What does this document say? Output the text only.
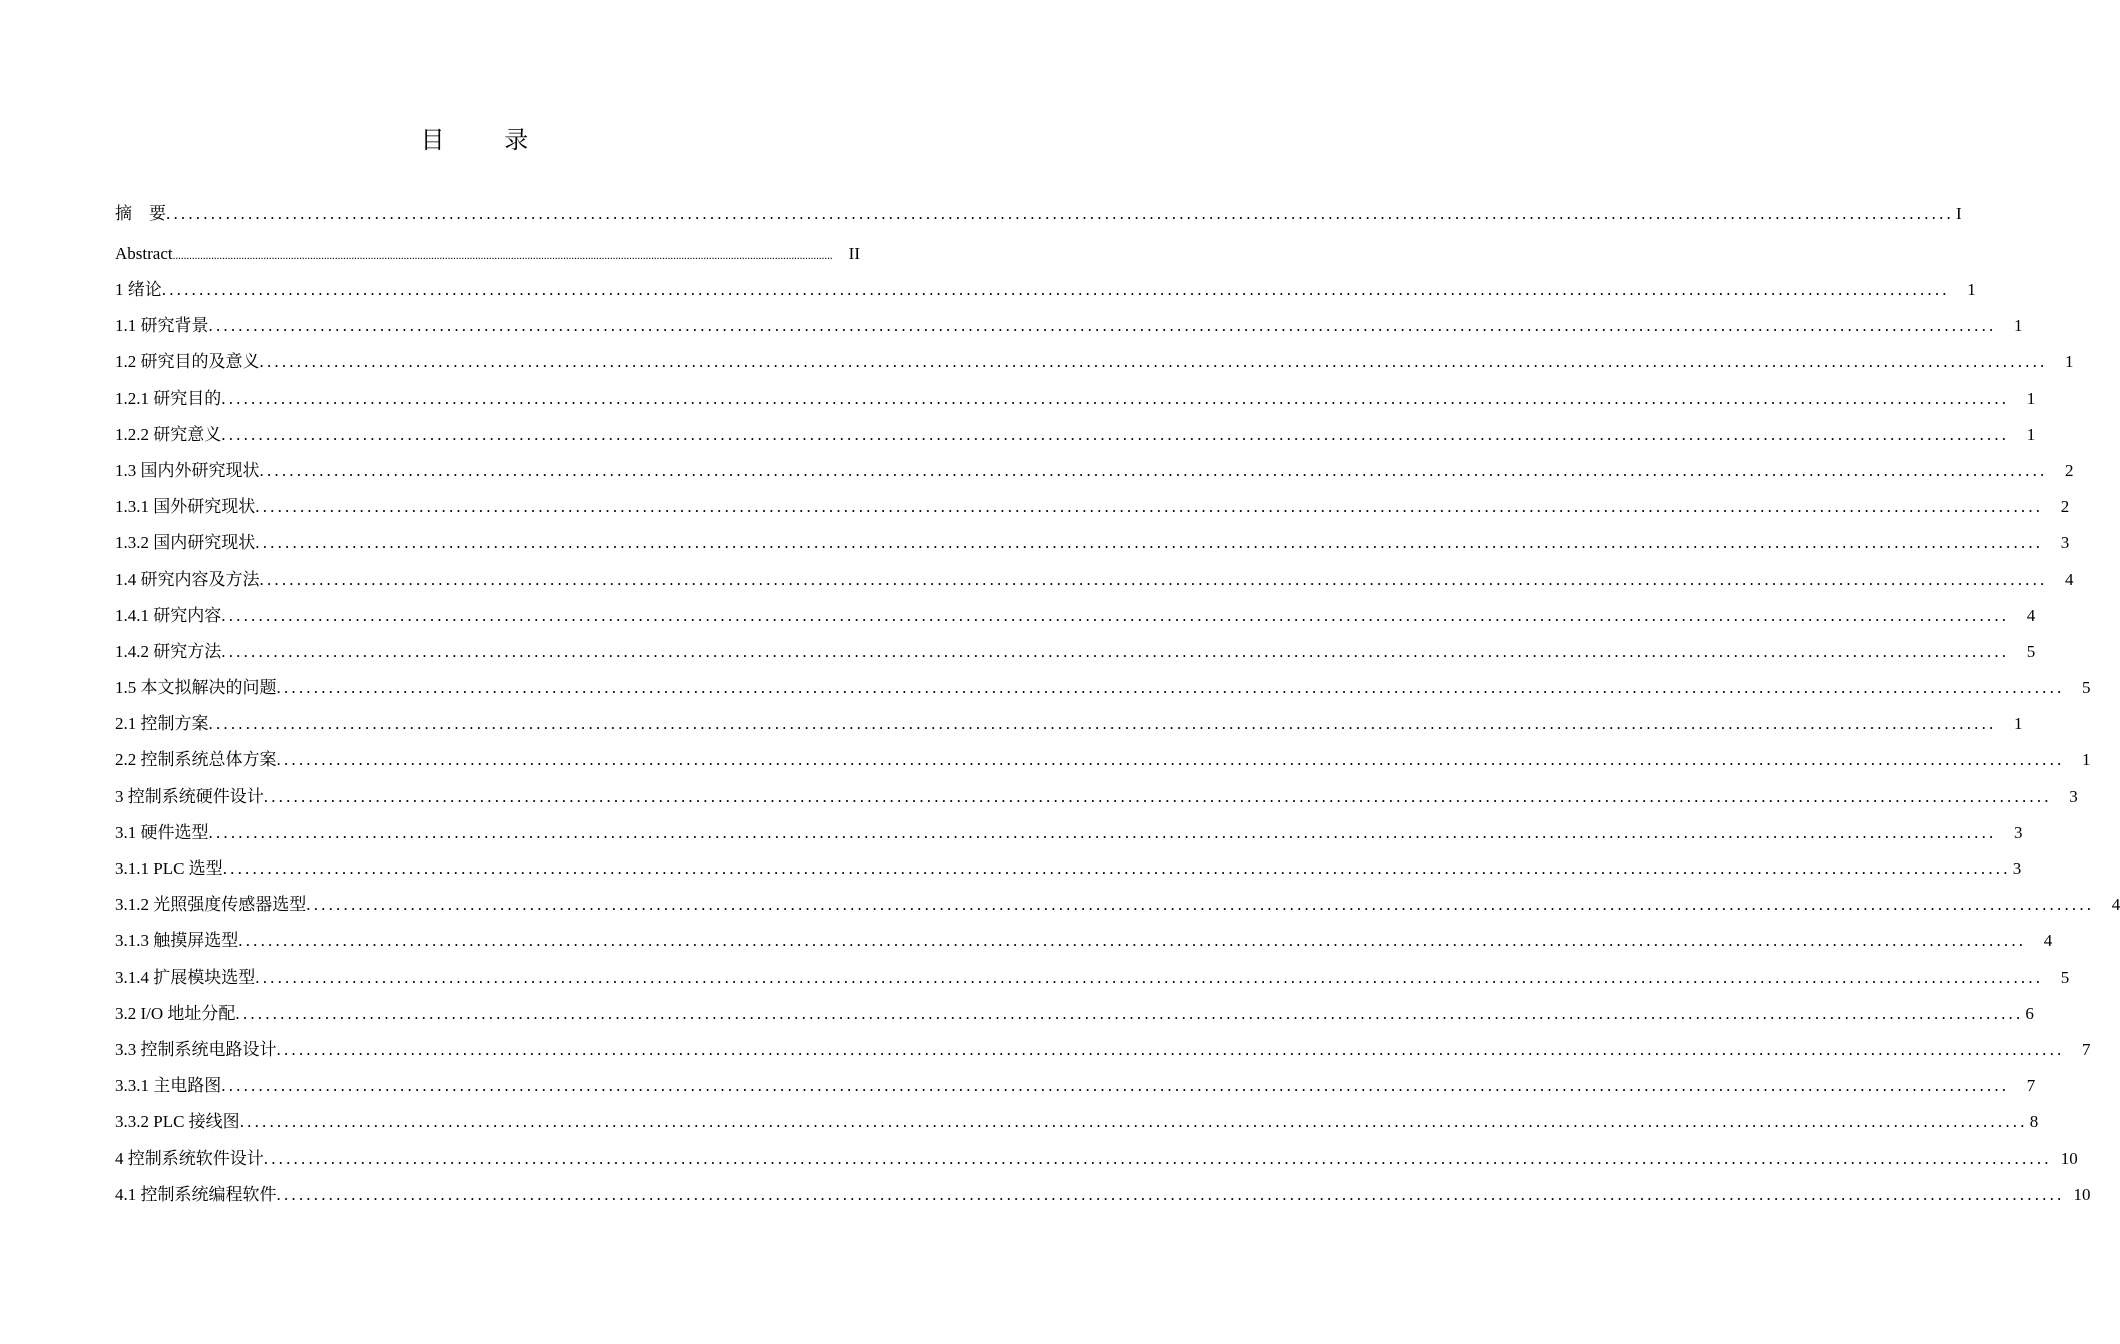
目 录
摘　要 ................................................................................................................................................................................................................................................ I
Abstract ................................................................................................................................................................................................................................................ II
1 绪论 ................................................................................................................................................................................................................................................	1
1.1 研究背景 ................................................................................................................................................................................................................................................	1
1.2 研究目的及意义 ................................................................................................................................................................................................................................................	1
1.2.1 研究目的 ................................................................................................................................................................................................................................................	1
1.2.2 研究意义 ................................................................................................................................................................................................................................................	1
1.3 国内外研究现状 ................................................................................................................................................................................................................................................	2
1.3.1 国外研究现状 ................................................................................................................................................................................................................................................	2
1.3.2 国内研究现状 ................................................................................................................................................................................................................................................	3
1.4 研究内容及方法 ................................................................................................................................................................................................................................................	4
1.4.1 研究内容 ................................................................................................................................................................................................................................................	4
1.4.2 研究方法 ................................................................................................................................................................................................................................................	5
1.5 本文拟解决的问题 ................................................................................................................................................................................................................................................	5
2.1 控制方案 ................................................................................................................................................................................................................................................	1
2.2 控制系统总体方案 ................................................................................................................................................................................................................................................	1
3 控制系统硬件设计 ................................................................................................................................................................................................................................................	3
3.1 硬件选型 ................................................................................................................................................................................................................................................	3
3.1.1 PLC 选型 ................................................................................................................................................................................................................................................ 3
3.1.2 光照强度传感器选型 ................................................................................................................................................................................................................................................	4
3.1.3 触摸屏选型 ................................................................................................................................................................................................................................................	4
3.1.4 扩展模块选型 ................................................................................................................................................................................................................................................	5
3.2 I/O 地址分配 ................................................................................................................................................................................................................................................ 6
3.3 控制系统电路设计 ................................................................................................................................................................................................................................................	7
3.3.1 主电路图 ................................................................................................................................................................................................................................................	7
3.3.2 PLC 接线图 ................................................................................................................................................................................................................................................ 8
4 控制系统软件设计 ................................................................................................................................................................................................................................................ 10
4.1 控制系统编程软件 ................................................................................................................................................................................................................................................ 10
